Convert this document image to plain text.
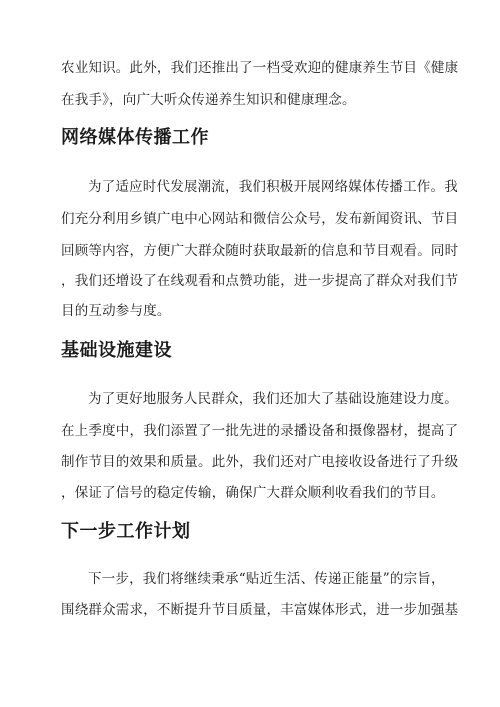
农业知识。此外，我们还推出了一档受欢迎的健康养生节目《健康
在我手》，向广大听众传递养生知识和健康理念。
网络媒体传播工作
为了适应时代发展潮流，我们积极开展网络媒体传播工作。我
们充分利用乡镇广电中心网站和微信公众号，发布新闻资讯、节目
回顾等内容，方便广大群众随时获取最新的信息和节目观看。同时
，我们还增设了在线观看和点赞功能，进一步提高了群众对我们节
目的互动参与度。
基础设施建设
为了更好地服务人民群众，我们还加大了基础设施建设力度。
在上季度中，我们添置了一批先进的录播设备和摄像器材，提高了
制作节目的效果和质量。此外，我们还对广电接收设备进行了升级
，保证了信号的稳定传输，确保广大群众顺利收看我们的节目。
下一步工作计划
下一步，我们将继续秉承“贴近生活、传递正能量”的宗旨，
围绕群众需求，不断提升节目质量，丰富媒体形式，进一步加强基
